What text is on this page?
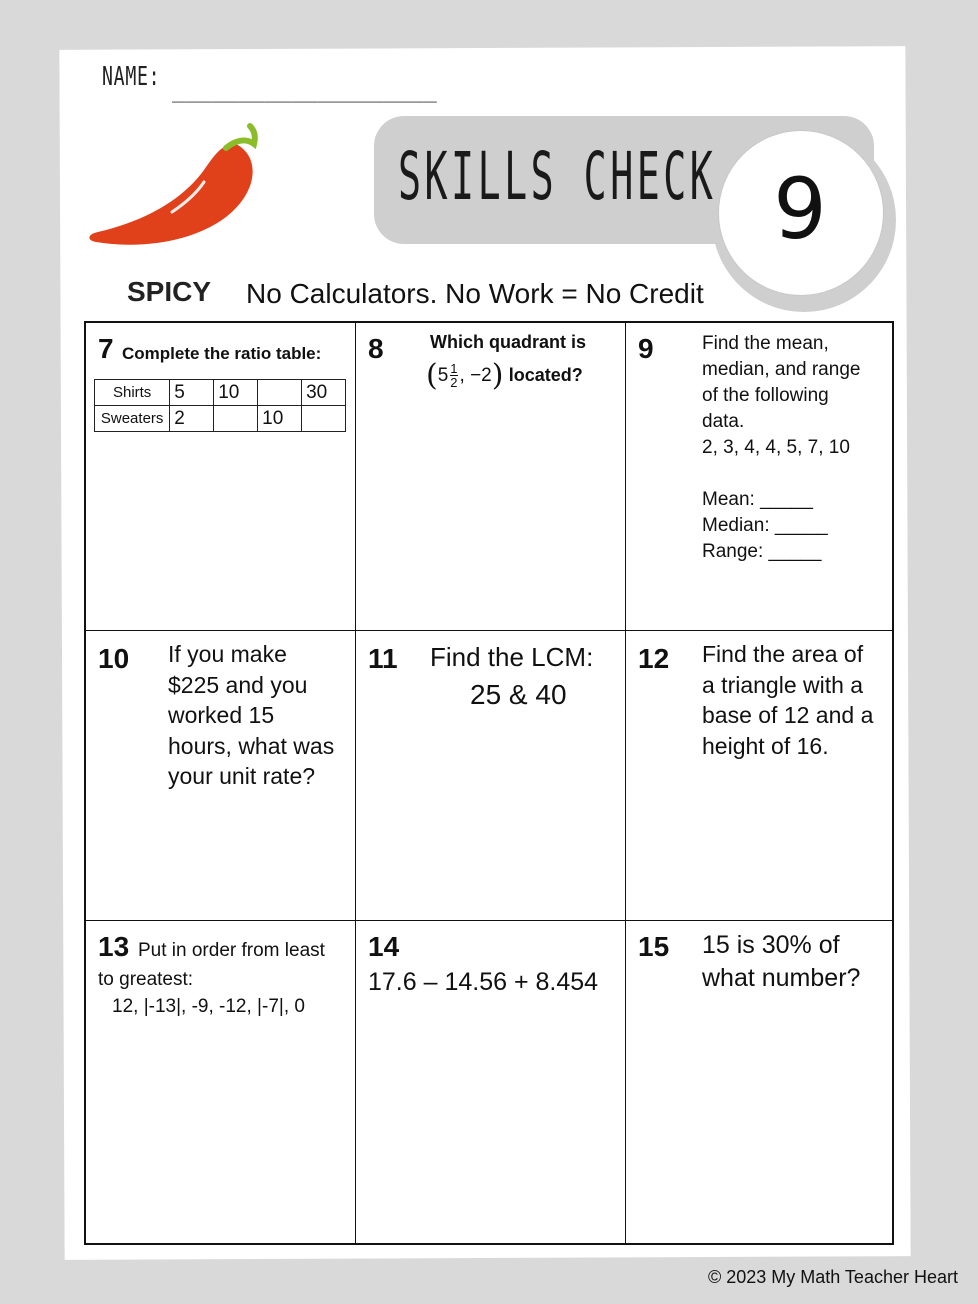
NAME: ____________________
SKILLS CHECK 9
SPICY No Calculators. No Work = No Credit
7 Complete the ratio table:
Shirts	5	10		30
Sweaters	2		10	
8	Which quadrant is
($5 \frac{1}{2}$ , −2) located?
9	Find the mean,
median, and range
of the following
data.
2, 3, 4, 4, 5, 7, 10
Mean: _____
Median: _____
Range: _____
10 If you make
$225 and you
worked 15
hours, what was
your unit rate?
11 Find the LCM:
25 & 40
12 Find the area of
a triangle with a
base of 12 and a
height of 16.
13 Put in order from least
to greatest:
12, |-13|, -9, -12, |-7|, 0
14
17.6 – 14.56 + 8.454
15 15 is 30% of
what number?
© 2023 My Math Teacher Heart
